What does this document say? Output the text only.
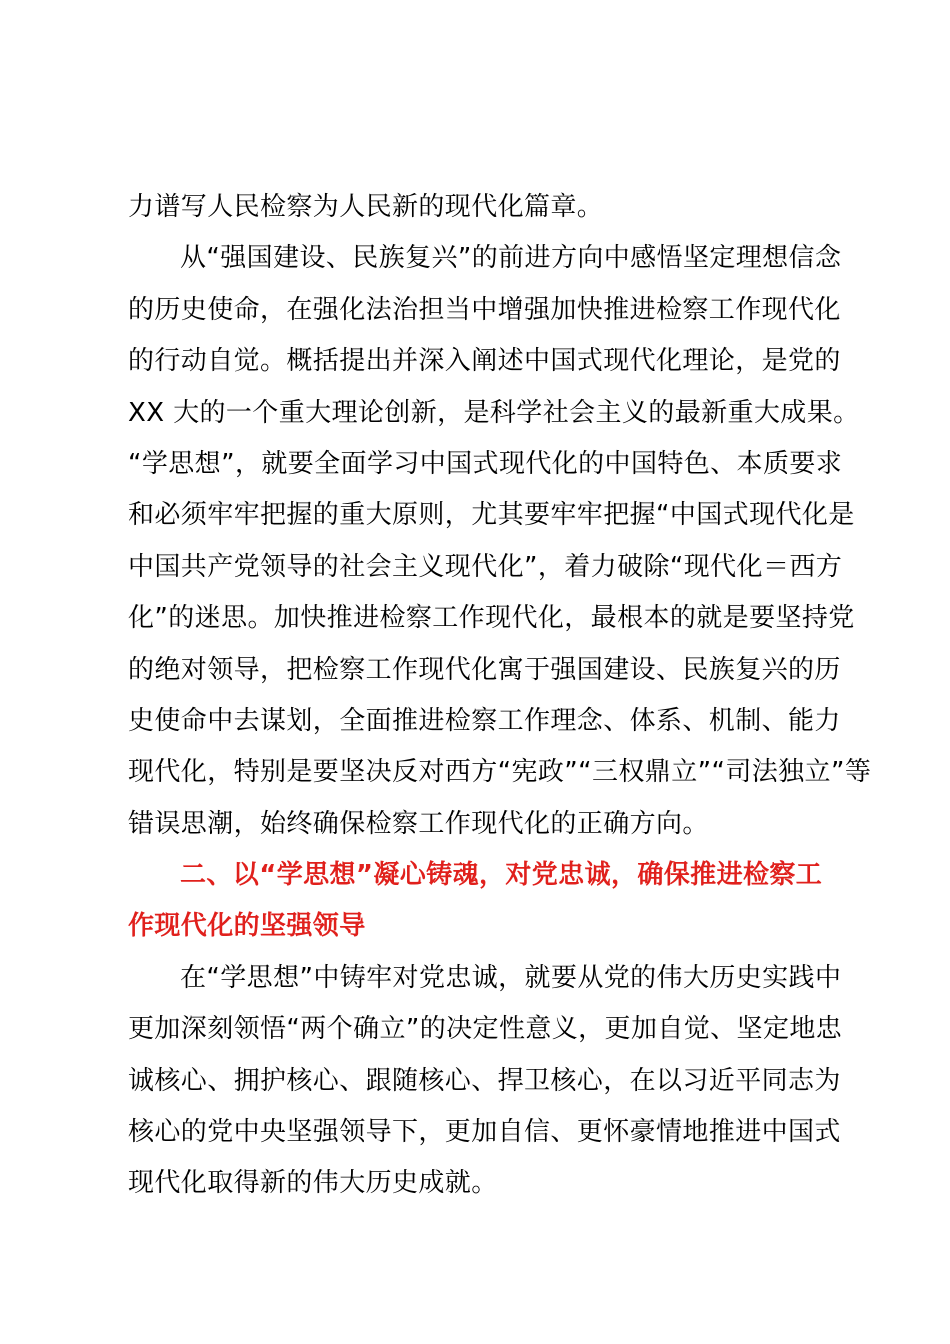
力谱写人民检察为人民新的现代化篇章。
从“强国建设、民族复兴”的前进方向中感悟坚定理想信念
的历史使命，在强化法治担当中增强加快推进检察工作现代化
的行动自觉。概括提出并深入阐述中国式现代化理论，是党的
XX 大的一个重大理论创新，是科学社会主义的最新重大成果。
“学思想”，就要全面学习中国式现代化的中国特色、本质要求
和必须牢牢把握的重大原则，尤其要牢牢把握“中国式现代化是
中国共产党领导的社会主义现代化”，着力破除“现代化＝西方
化”的迷思。加快推进检察工作现代化，最根本的就是要坚持党
的绝对领导，把检察工作现代化寓于强国建设、民族复兴的历
史使命中去谋划，全面推进检察工作理念、体系、机制、能力
现代化，特别是要坚决反对西方“宪政”“三权鼎立”“司法独立”等
错误思潮，始终确保检察工作现代化的正确方向。
二、以“学思想”凝心铸魂，对党忠诚，确保推进检察工
作现代化的坚强领导
在“学思想”中铸牢对党忠诚，就要从党的伟大历史实践中
更加深刻领悟“两个确立”的决定性意义，更加自觉、坚定地忠
诚核心、拥护核心、跟随核心、捍卫核心，在以习近平同志为
核心的党中央坚强领导下，更加自信、更怀豪情地推进中国式
现代化取得新的伟大历史成就。
